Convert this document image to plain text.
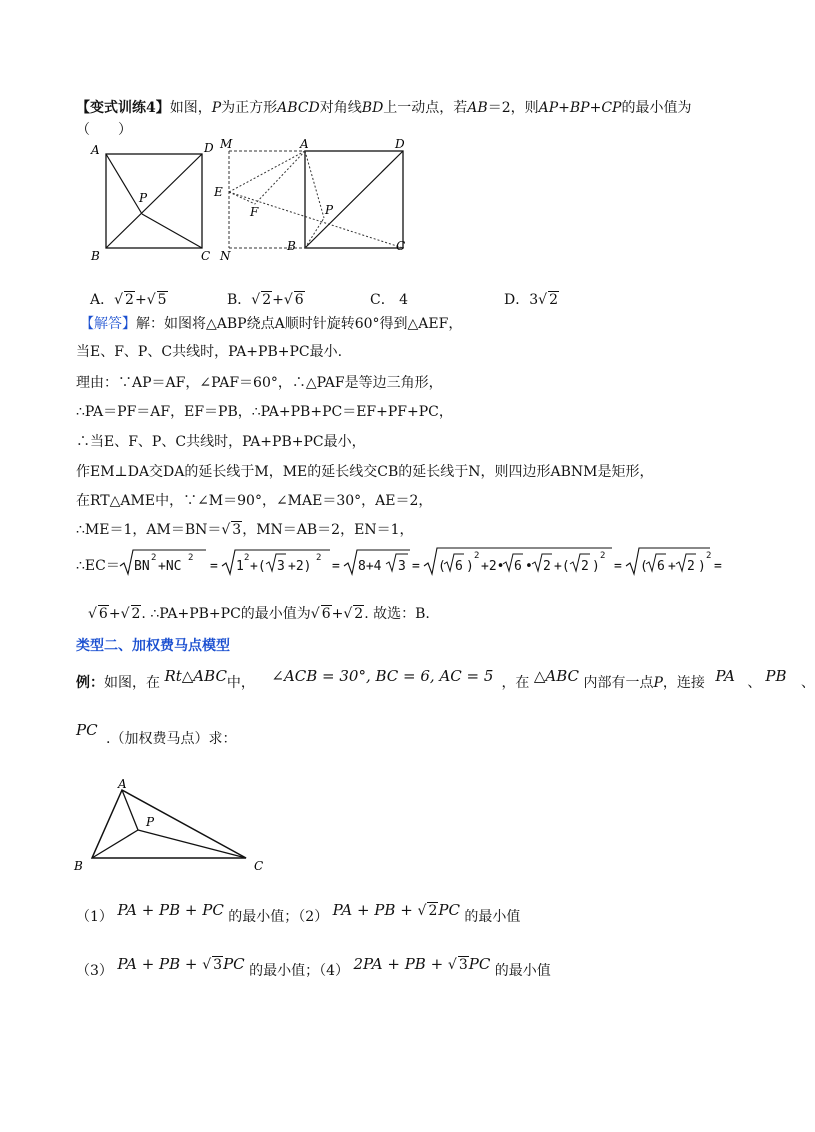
【变式训练4】如图，P为正方形ABCD对角线BD上一动点，若AB＝2，则AP+BP+CP的最小值为
（　　）
A	D
P
B	C
M	A	D
E
F	P
B	C
N
A．√ 2+√ 5	B．√ 2+√ 6	C． 4	D．3√ 2
【解答】解：如图将△ABP绕点A顺时针旋转60°得到△AEF，
当E、F、P、C共线时，PA+PB+PC最小.
理由：∵AP＝AF，∠PAF＝60°，∴△PAF是等边三角形，
∴PA＝PF＝AF，EF＝PB，∴PA+PB+PC＝EF+PF+PC，
∴当E、F、P、C共线时，PA+PB+PC最小，
作EM⊥DA交DA的延长线于M，ME的延长线交CB的延长线于N，则四边形ABNM是矩形，
在RT△AME中，∵∠M＝90°，∠MAE＝30°，AE＝2，
∴ME＝1，AM＝BN＝√ 3，MN＝AB＝2，EN＝1，
∴EC＝ BN
2
+NC
2
= 1
2
+( 3 +2)
2
= 8+4 3 = ( 6 )
2
+2• 6 • 2 +( 2 )
2
= ( 6 + 2 )
2
=
√ 6+√ 2. ∴PA+PB+PC的最小值为√ 6+√ 2. 故选：B.
类型二、加权费马点模型
例：如图，在 Rt△ABC中， ∠ACB = 30°, BC = 6, AC = 5 ，在 △ABC 内部有一点P，连接 PA 、 PB 、
PC .（加权费马点）求：
A
P
B	C
（1） PA + PB + PC 的最小值；（2） PA + PB + √ 2PC 的最小值
（3） PA + PB + √ 3PC 的最小值；（4） 2PA + PB + √ 3PC 的最小值
